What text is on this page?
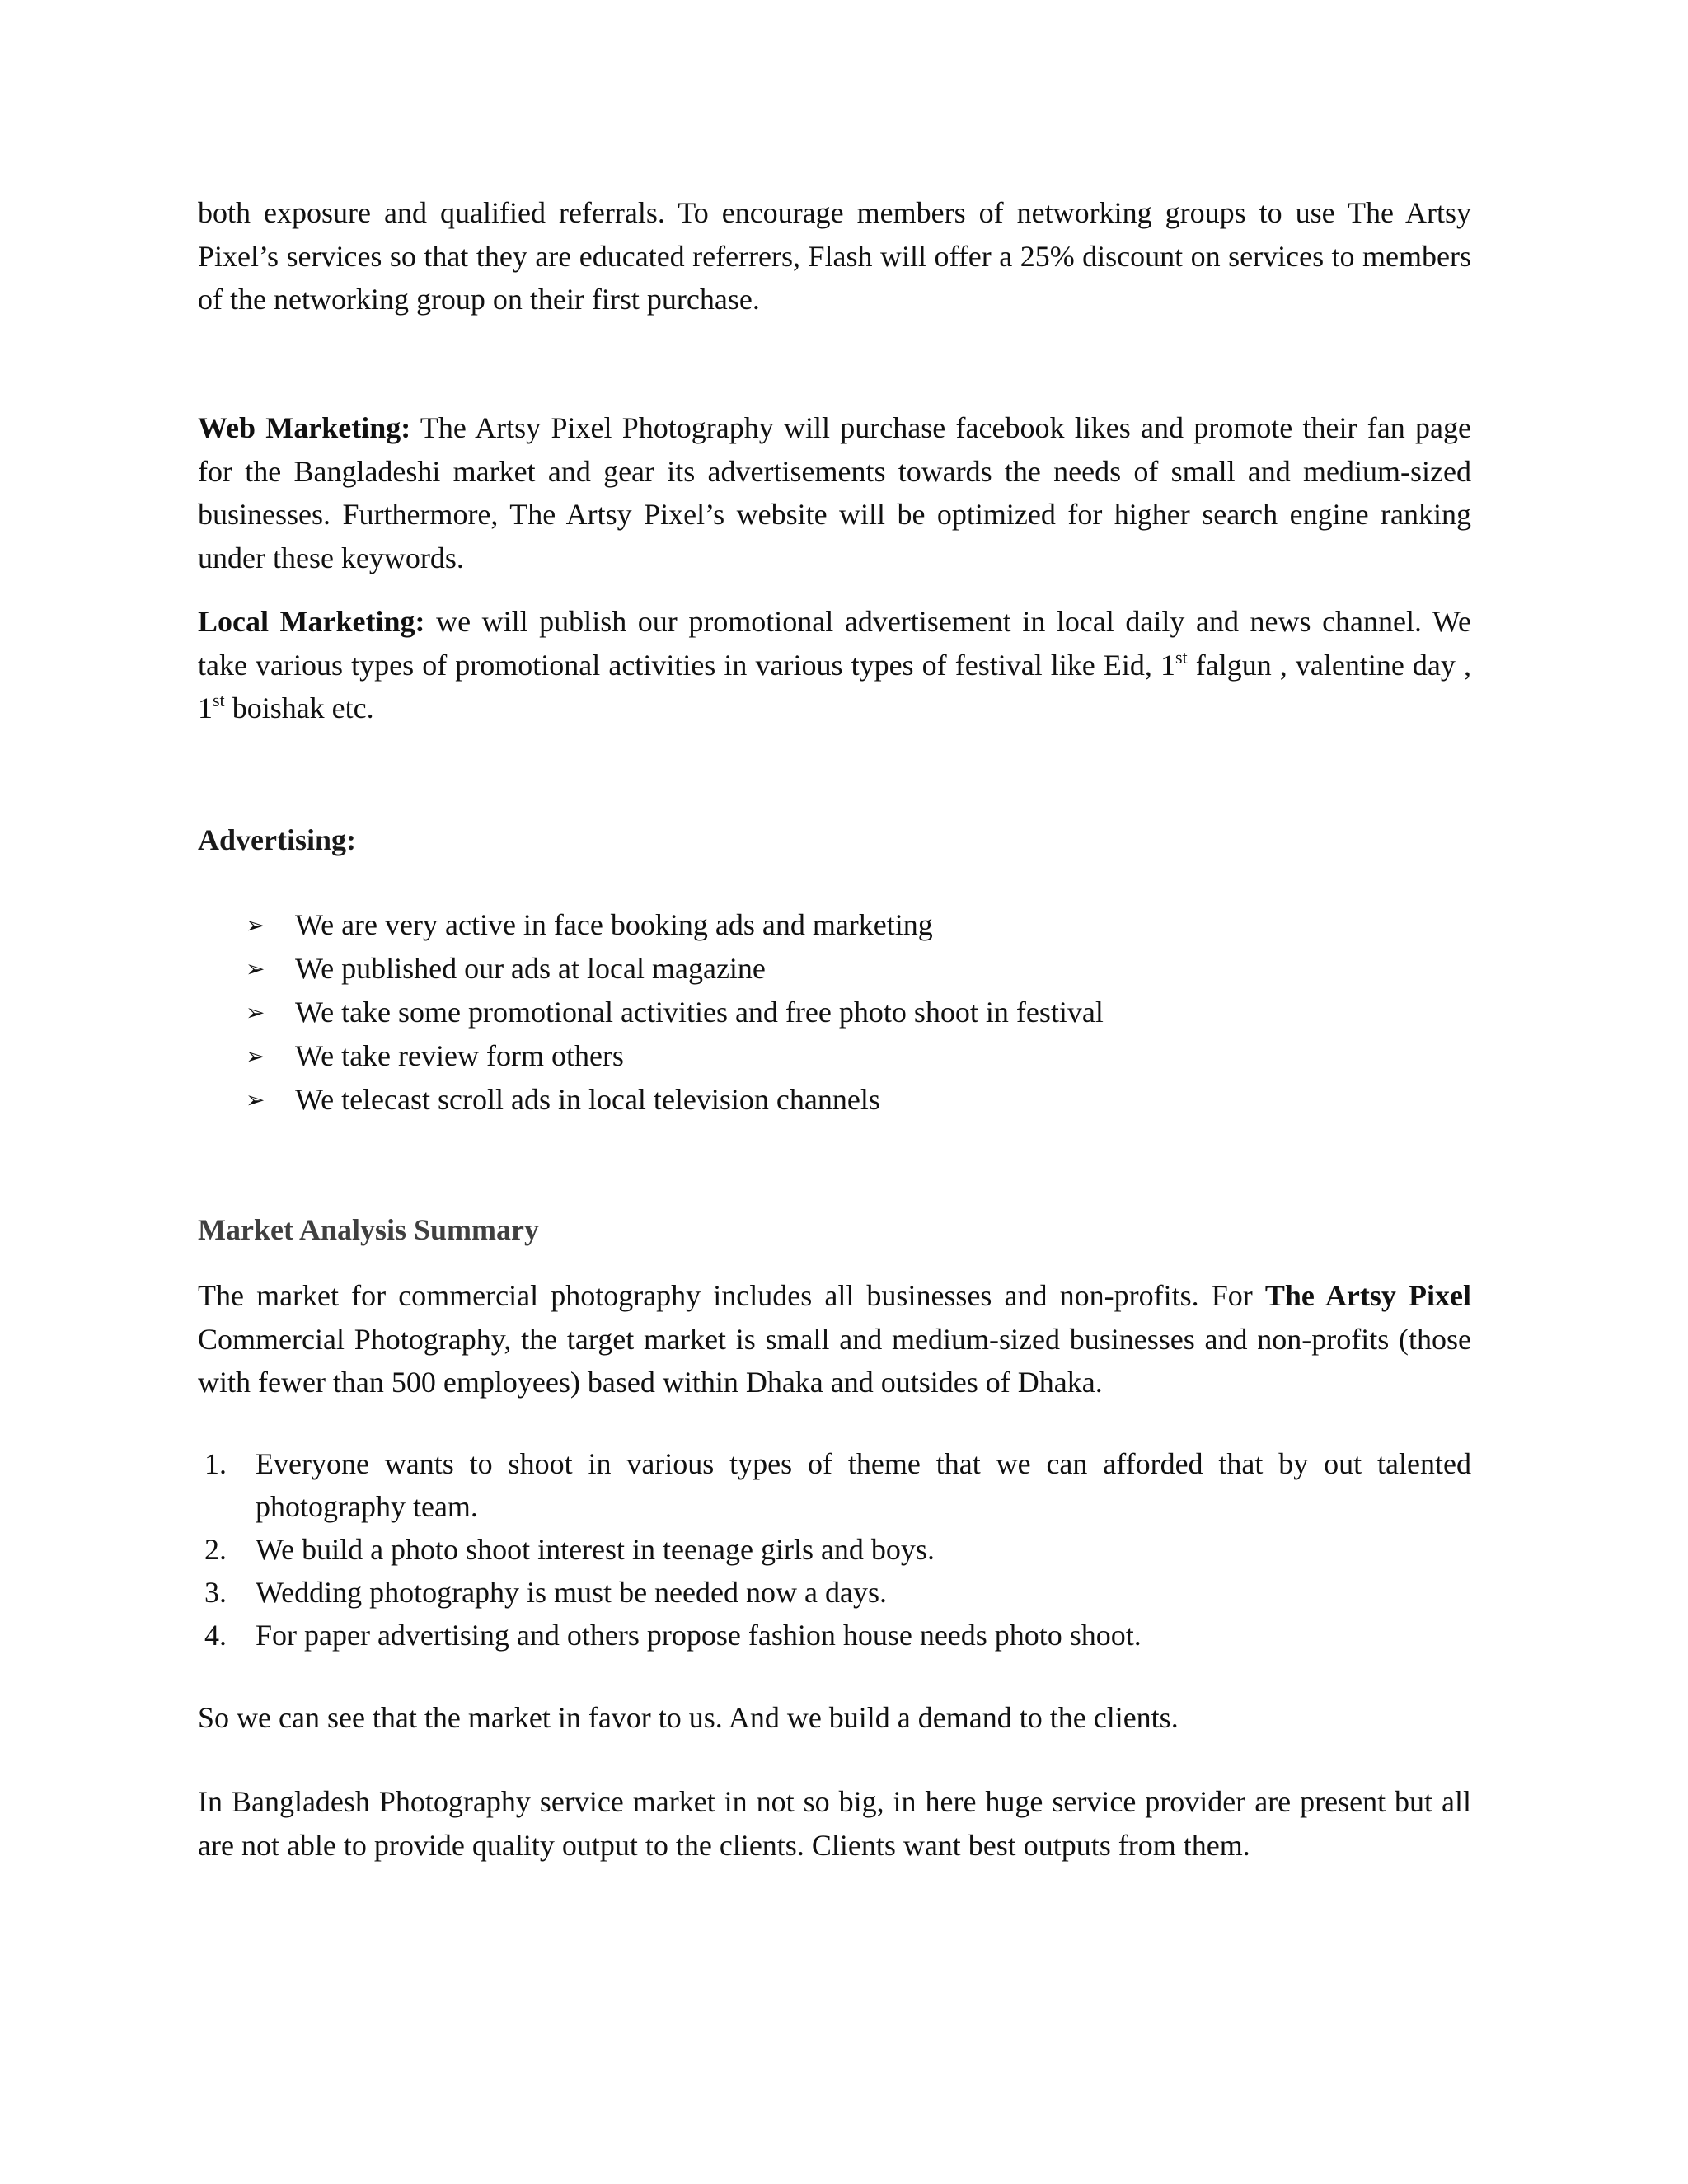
both exposure and qualified referrals. To encourage members of networking groups to use The Artsy Pixel’s services so that they are educated referrers, Flash will offer a 25% discount on services to members of the networking group on their first purchase.

Web Marketing: The Artsy Pixel Photography will purchase facebook likes and promote their fan page for the Bangladeshi market and gear its advertisements towards the needs of small and medium-sized businesses. Furthermore, The Artsy Pixel’s website will be optimized for higher search engine ranking under these keywords.

Local Marketing: we will publish our promotional advertisement in local daily and news channel. We take various types of promotional activities in various types of festival like Eid, 1st falgun , valentine day , 1st boishak etc.

Advertising:
➢ We are very active in face booking ads and marketing
➢ We published our ads at local magazine
➢ We take some promotional activities and free photo shoot in festival
➢ We take review form others
➢ We telecast scroll ads in local television channels
Market Analysis Summary

The market for commercial photography includes all businesses and non-profits. For The Artsy Pixel Commercial Photography, the target market is small and medium-sized businesses and non-profits (those with fewer than 500 employees) based within Dhaka and outsides of Dhaka.

1. Everyone wants to shoot in various types of theme that we can afforded that by out talented photography team.
2. We build a photo shoot interest in teenage girls and boys.
3. Wedding photography is must be needed now a days.
4. For paper advertising and others propose fashion house needs photo shoot.

So we can see that the market in favor to us. And we build a demand to the clients.

In Bangladesh Photography service market in not so big, in here huge service provider are present but all are not able to provide quality output to the clients. Clients want best outputs from them.
